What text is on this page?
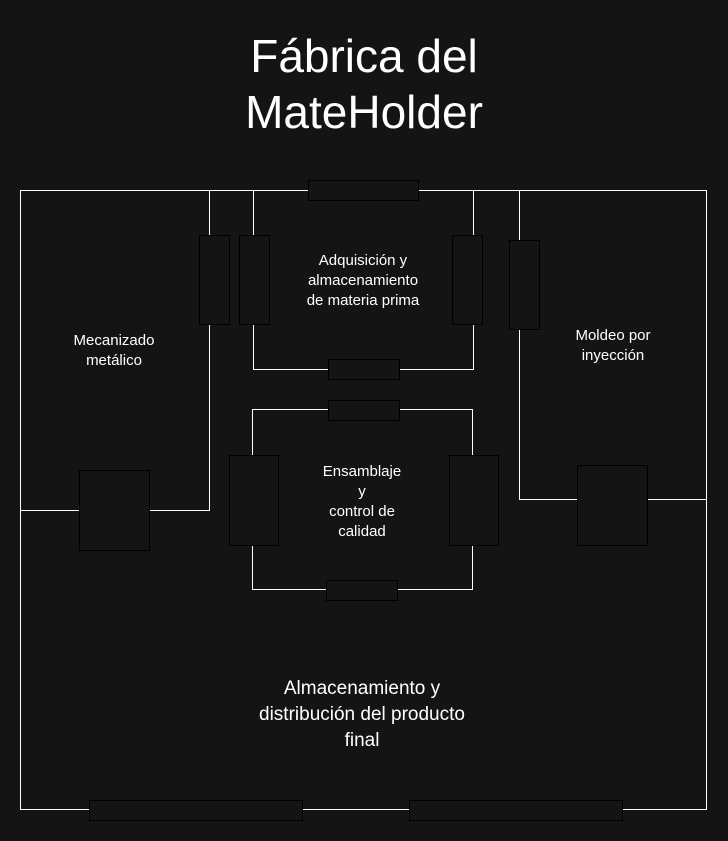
Fábrica del
MateHolder
Adquisición y
almacenamiento
de materia prima
Mecanizado
metálico
Moldeo por
inyección
Ensamblaje
y
control de
calidad
Almacenamiento y
distribución del producto
final
